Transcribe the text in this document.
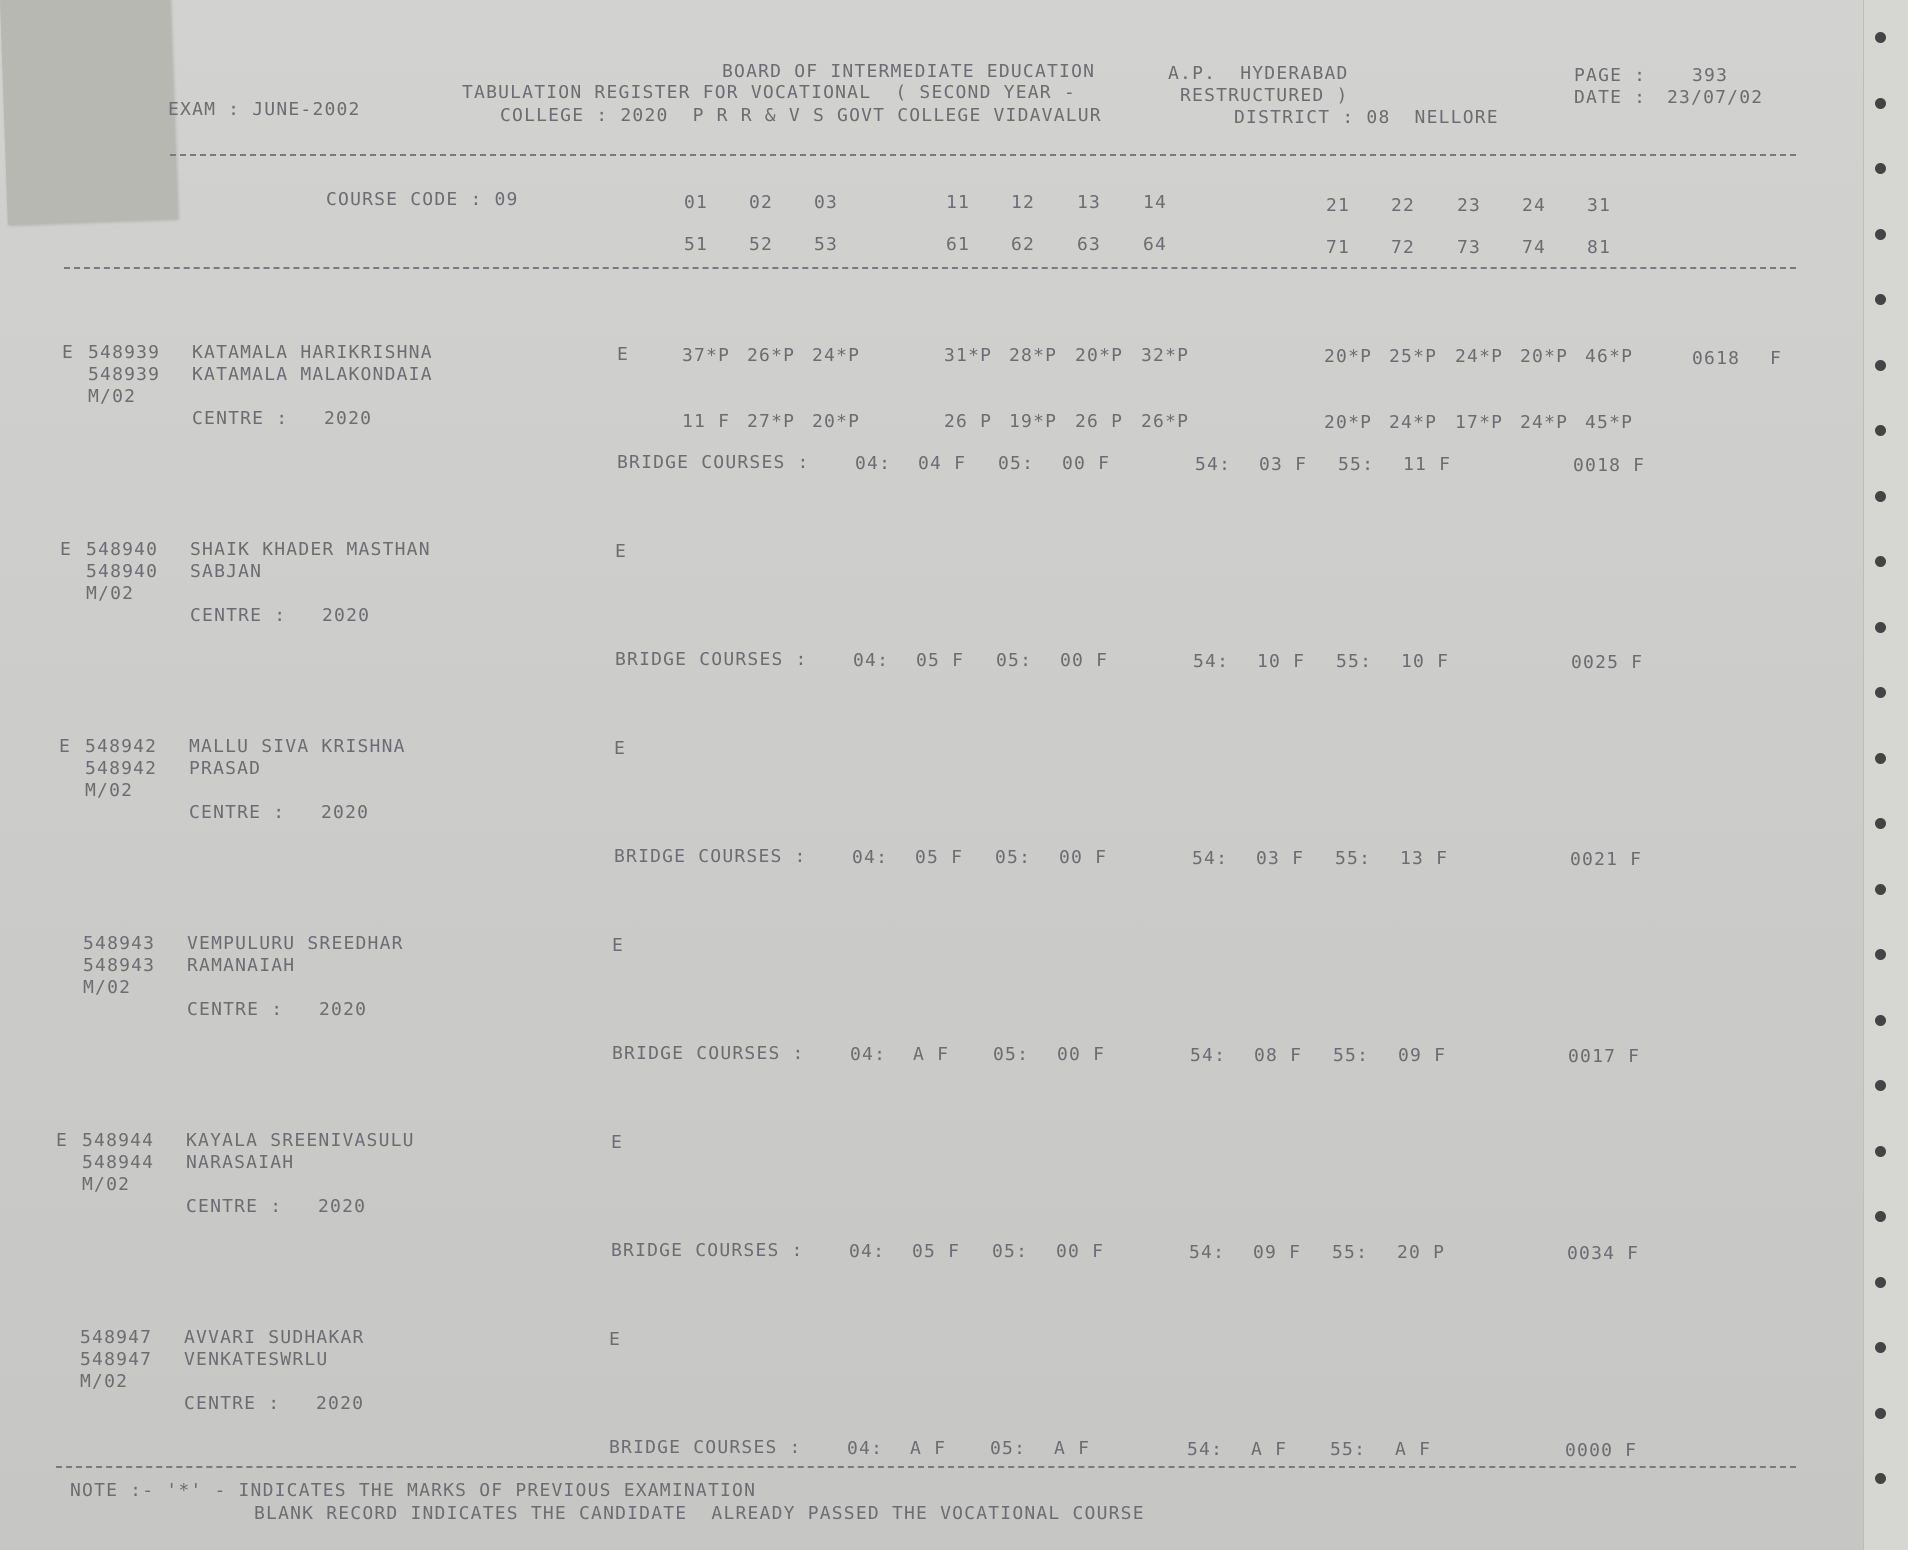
BOARD OF INTERMEDIATE EDUCATION	A.P.  HYDERABAD	PAGE :	393
EXAM : JUNE-2002
TABULATION REGISTER FOR VOCATIONAL  ( SECOND YEAR -	RESTRUCTURED )	DATE : 23/07/02
COLLEGE : 2020  P R R & V S GOVT COLLEGE VIDAVALUR	DISTRICT : 08  NELLORE
COURSE CODE : 09	01 02 03	11 12 13 14	21 22 23 24 31
51 52 53	61 62 63 64	71 72 73 74 81
E 548939 KATAMALA HARIKRISHNA
548939 KATAMALA MALAKONDAIA
M/02
CENTRE : 2020
E	37*P 26*P 24*P	31*P 28*P 20*P 32*P	20*P 25*P 24*P 20*P 46*P	0618 F
11 F 27*P 20*P	26 P 19*P 26 P 26*P	20*P 24*P 17*P 24*P 45*P
BRIDGE COURSES :	04: 04 F 05: 00 F	54: 03 F 55: 11 F	0018 F
E 548940 SHAIK KHADER MASTHAN
548940 SABJAN
M/02
CENTRE : 2020
E
BRIDGE COURSES :	04: 05 F 05: 00 F	54: 10 F 55: 10 F	0025 F
E 548942 MALLU SIVA KRISHNA
548942 PRASAD
M/02
CENTRE : 2020
E
BRIDGE COURSES :	04: 05 F 05: 00 F	54: 03 F 55: 13 F	0021 F
548943 VEMPULURU SREEDHAR
548943 RAMANAIAH
M/02
CENTRE : 2020
E
BRIDGE COURSES :	04: A F 05: 00 F	54: 08 F 55: 09 F	0017 F
E 548944 KAYALA SREENIVASULU
548944 NARASAIAH
M/02
CENTRE : 2020
E
BRIDGE COURSES :	04: 05 F 05: 00 F	54: 09 F 55: 20 P	0034 F
548947 AVVARI SUDHAKAR
548947 VENKATESWRLU
M/02
CENTRE : 2020
E
BRIDGE COURSES :	04: A F 05: A F	54: A F 55: A F	0000 F
NOTE :- '*' - INDICATES THE MARKS OF PREVIOUS EXAMINATION
BLANK RECORD INDICATES THE CANDIDATE  ALREADY PASSED THE VOCATIONAL COURSE
